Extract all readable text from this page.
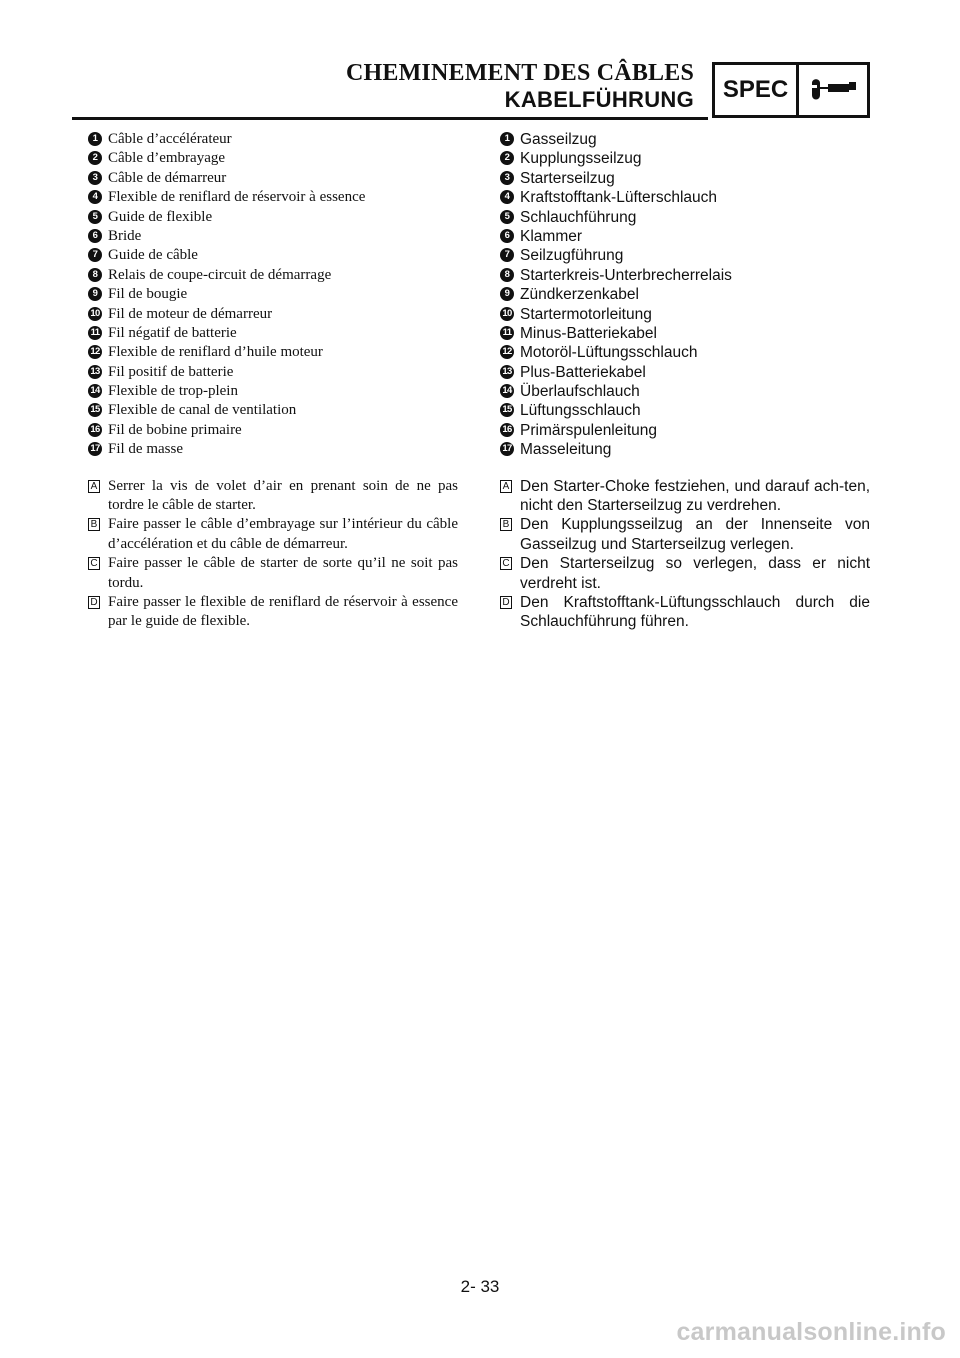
CHEMINEMENT DES CÂBLES
KABELFÜHRUNG	SPEC
1 Câble d’accélérateur
2 Câble d’embrayage
3 Câble de démarreur
4 Flexible de reniflard de réservoir à essence
5 Guide de flexible
6 Bride
7 Guide de câble
8 Relais de coupe-circuit de démarrage
9 Fil de bougie
10 Fil de moteur de démarreur
11 Fil négatif de batterie
12 Flexible de reniflard d’huile moteur
13 Fil positif de batterie
14 Flexible de trop-plein
15 Flexible de canal de ventilation
16 Fil de bobine primaire
17 Fil de masse
A Serrer la vis de volet d’air en prenant soin de ne pas tordre le câble de starter.
B Faire passer le câble d’embrayage sur l’intérieur du câble d’accélération et du câble de démarreur.
C Faire passer le câble de starter de sorte qu’il ne soit pas tordu.
D Faire passer le flexible de reniflard de réservoir à essence par le guide de flexible.
1 Gasseilzug
2 Kupplungsseilzug
3 Starterseilzug
4 Kraftstofftank-Lüfterschlauch
5 Schlauchführung
6 Klammer
7 Seilzugführung
8 Starterkreis-Unterbrecherrelais
9 Zündkerzenkabel
10 Startermotorleitung
11 Minus-Batteriekabel
12 Motoröl-Lüftungsschlauch
13 Plus-Batteriekabel
14 Überlaufschlauch
15 Lüftungsschlauch
16 Primärspulenleitung
17 Masseleitung
A Den Starter-Choke festziehen, und darauf ach-ten, nicht den Starterseilzug zu verdrehen.
B Den Kupplungsseilzug an der Innenseite von Gasseilzug und Starterseilzug verlegen.
C Den Starterseilzug so verlegen, dass er nicht verdreht ist.
D Den Kraftstofftank-Lüftungsschlauch durch die Schlauchführung führen.
2- 33
carmanualsonline.info
